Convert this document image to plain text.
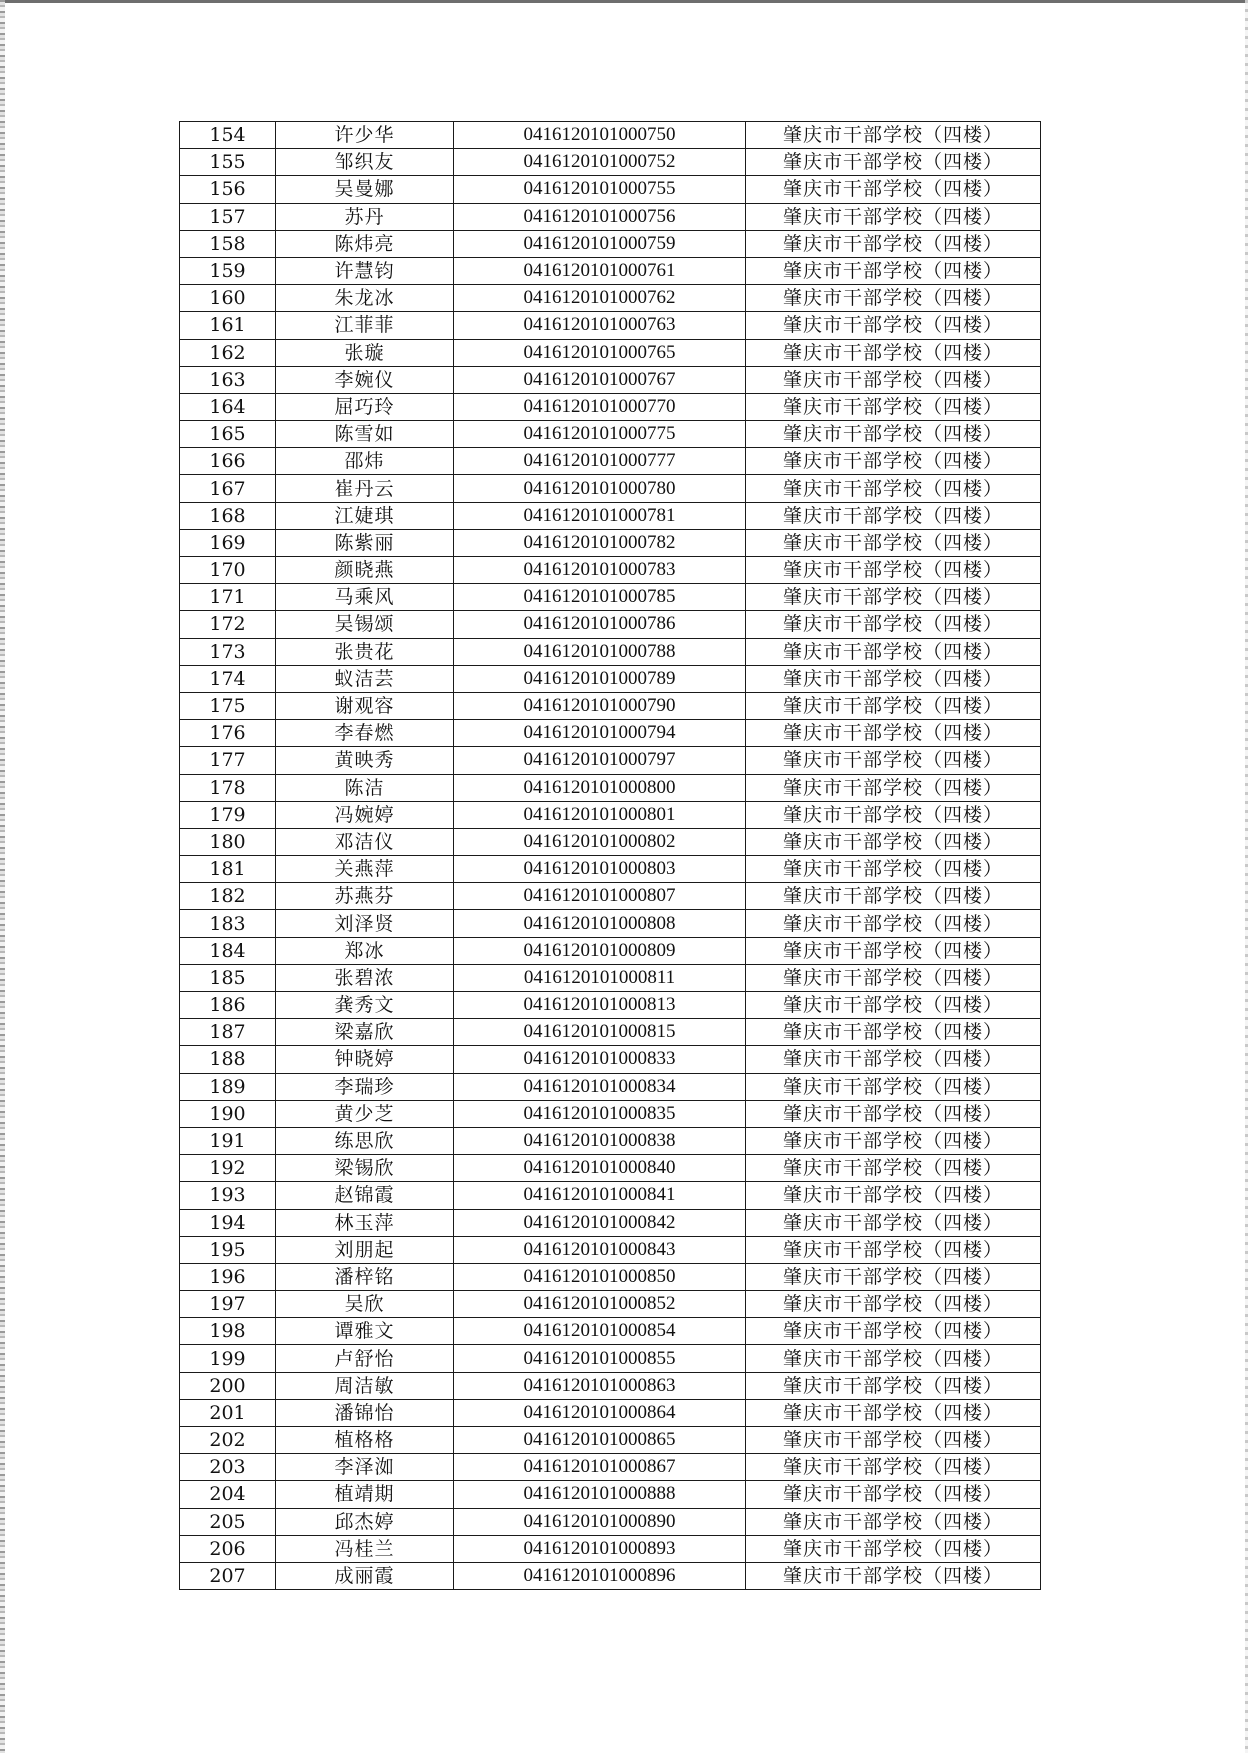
154	许少华	0416120101000750	肇庆市干部学校（四楼）
155	邹织友	0416120101000752	肇庆市干部学校（四楼）
156	吴曼娜	0416120101000755	肇庆市干部学校（四楼）
157	苏丹	0416120101000756	肇庆市干部学校（四楼）
158	陈炜亮	0416120101000759	肇庆市干部学校（四楼）
159	许慧钧	0416120101000761	肇庆市干部学校（四楼）
160	朱龙冰	0416120101000762	肇庆市干部学校（四楼）
161	江菲菲	0416120101000763	肇庆市干部学校（四楼）
162	张璇	0416120101000765	肇庆市干部学校（四楼）
163	李婉仪	0416120101000767	肇庆市干部学校（四楼）
164	屈巧玲	0416120101000770	肇庆市干部学校（四楼）
165	陈雪如	0416120101000775	肇庆市干部学校（四楼）
166	邵炜	0416120101000777	肇庆市干部学校（四楼）
167	崔丹云	0416120101000780	肇庆市干部学校（四楼）
168	江婕琪	0416120101000781	肇庆市干部学校（四楼）
169	陈紫丽	0416120101000782	肇庆市干部学校（四楼）
170	颜晓燕	0416120101000783	肇庆市干部学校（四楼）
171	马乘风	0416120101000785	肇庆市干部学校（四楼）
172	吴锡颂	0416120101000786	肇庆市干部学校（四楼）
173	张贵花	0416120101000788	肇庆市干部学校（四楼）
174	蚁洁芸	0416120101000789	肇庆市干部学校（四楼）
175	谢观容	0416120101000790	肇庆市干部学校（四楼）
176	李春燃	0416120101000794	肇庆市干部学校（四楼）
177	黄映秀	0416120101000797	肇庆市干部学校（四楼）
178	陈洁	0416120101000800	肇庆市干部学校（四楼）
179	冯婉婷	0416120101000801	肇庆市干部学校（四楼）
180	邓洁仪	0416120101000802	肇庆市干部学校（四楼）
181	关燕萍	0416120101000803	肇庆市干部学校（四楼）
182	苏燕芬	0416120101000807	肇庆市干部学校（四楼）
183	刘泽贤	0416120101000808	肇庆市干部学校（四楼）
184	郑冰	0416120101000809	肇庆市干部学校（四楼）
185	张碧浓	0416120101000811	肇庆市干部学校（四楼）
186	龚秀文	0416120101000813	肇庆市干部学校（四楼）
187	梁嘉欣	0416120101000815	肇庆市干部学校（四楼）
188	钟晓婷	0416120101000833	肇庆市干部学校（四楼）
189	李瑞珍	0416120101000834	肇庆市干部学校（四楼）
190	黄少芝	0416120101000835	肇庆市干部学校（四楼）
191	练思欣	0416120101000838	肇庆市干部学校（四楼）
192	梁锡欣	0416120101000840	肇庆市干部学校（四楼）
193	赵锦霞	0416120101000841	肇庆市干部学校（四楼）
194	林玉萍	0416120101000842	肇庆市干部学校（四楼）
195	刘朋起	0416120101000843	肇庆市干部学校（四楼）
196	潘梓铭	0416120101000850	肇庆市干部学校（四楼）
197	吴欣	0416120101000852	肇庆市干部学校（四楼）
198	谭雅文	0416120101000854	肇庆市干部学校（四楼）
199	卢舒怡	0416120101000855	肇庆市干部学校（四楼）
200	周洁敏	0416120101000863	肇庆市干部学校（四楼）
201	潘锦怡	0416120101000864	肇庆市干部学校（四楼）
202	植格格	0416120101000865	肇庆市干部学校（四楼）
203	李泽洳	0416120101000867	肇庆市干部学校（四楼）
204	植靖期	0416120101000888	肇庆市干部学校（四楼）
205	邱杰婷	0416120101000890	肇庆市干部学校（四楼）
206	冯桂兰	0416120101000893	肇庆市干部学校（四楼）
207	成丽霞	0416120101000896	肇庆市干部学校（四楼）
